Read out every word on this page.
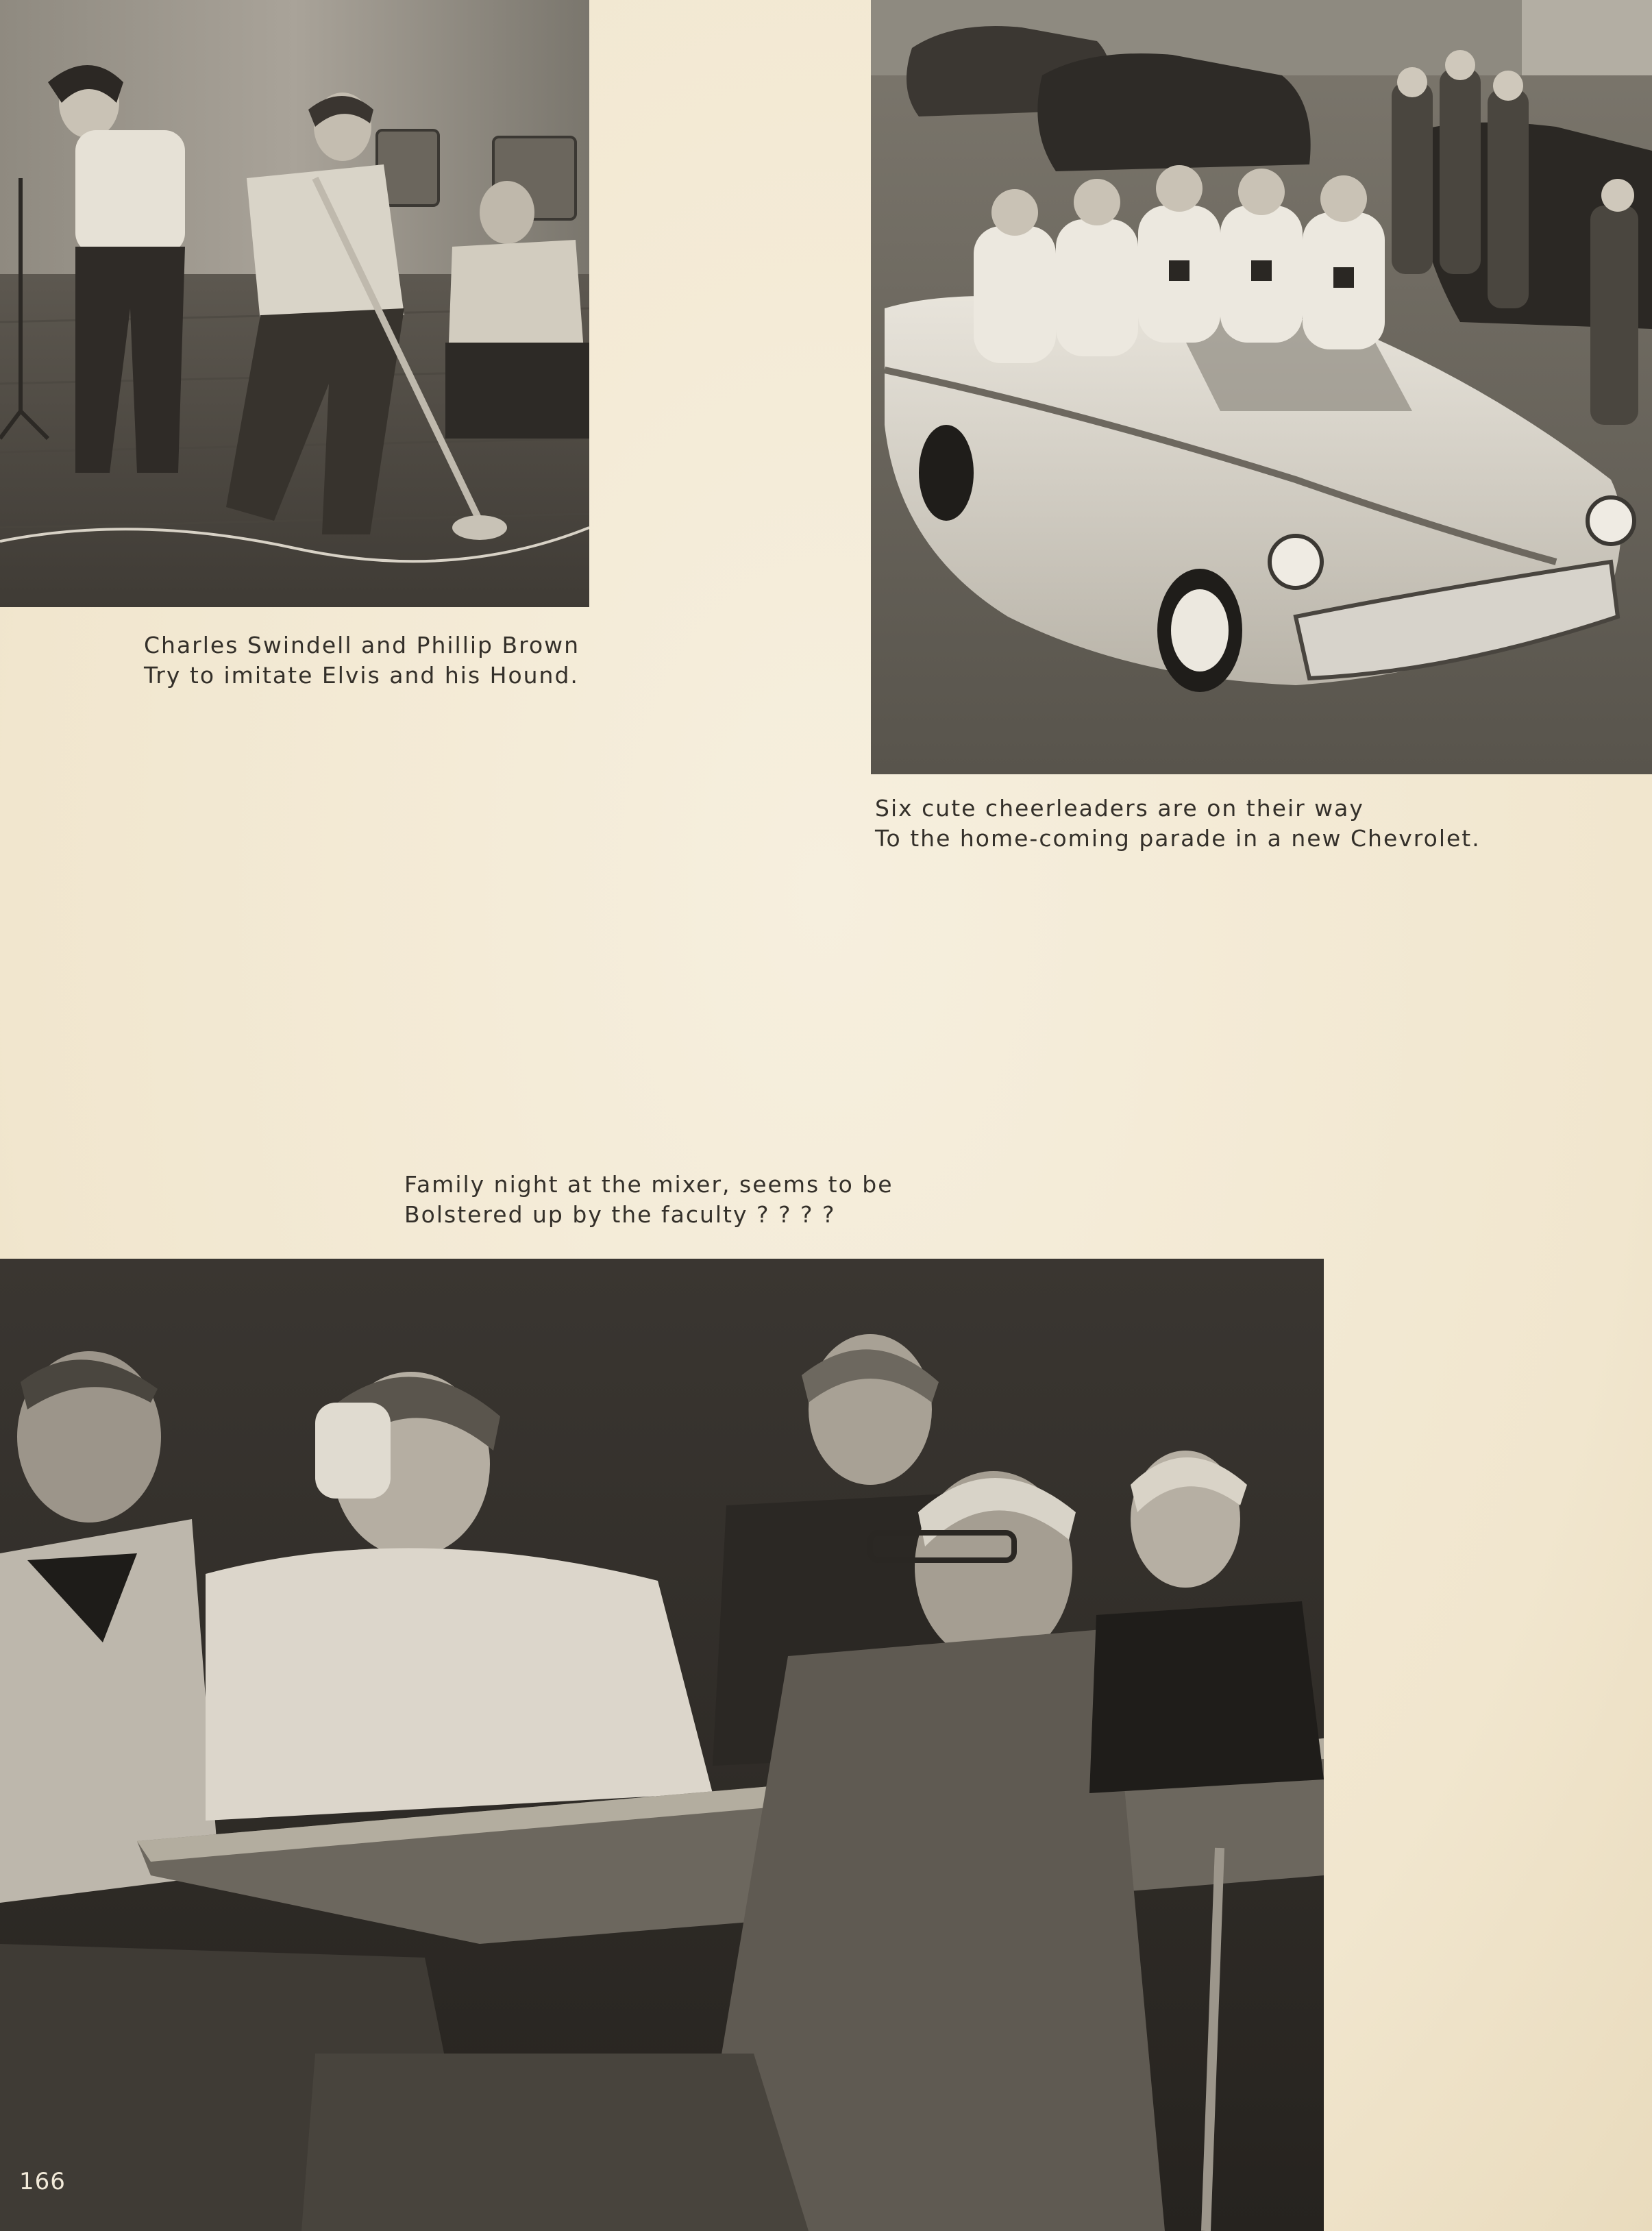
Charles Swindell and Phillip Brown
Try to imitate Elvis and his Hound.
Six cute cheerleaders are on their way
To the home-coming parade in a new Chevrolet.
Family night at the mixer, seems to be
Bolstered up by the faculty ? ? ? ?
166
